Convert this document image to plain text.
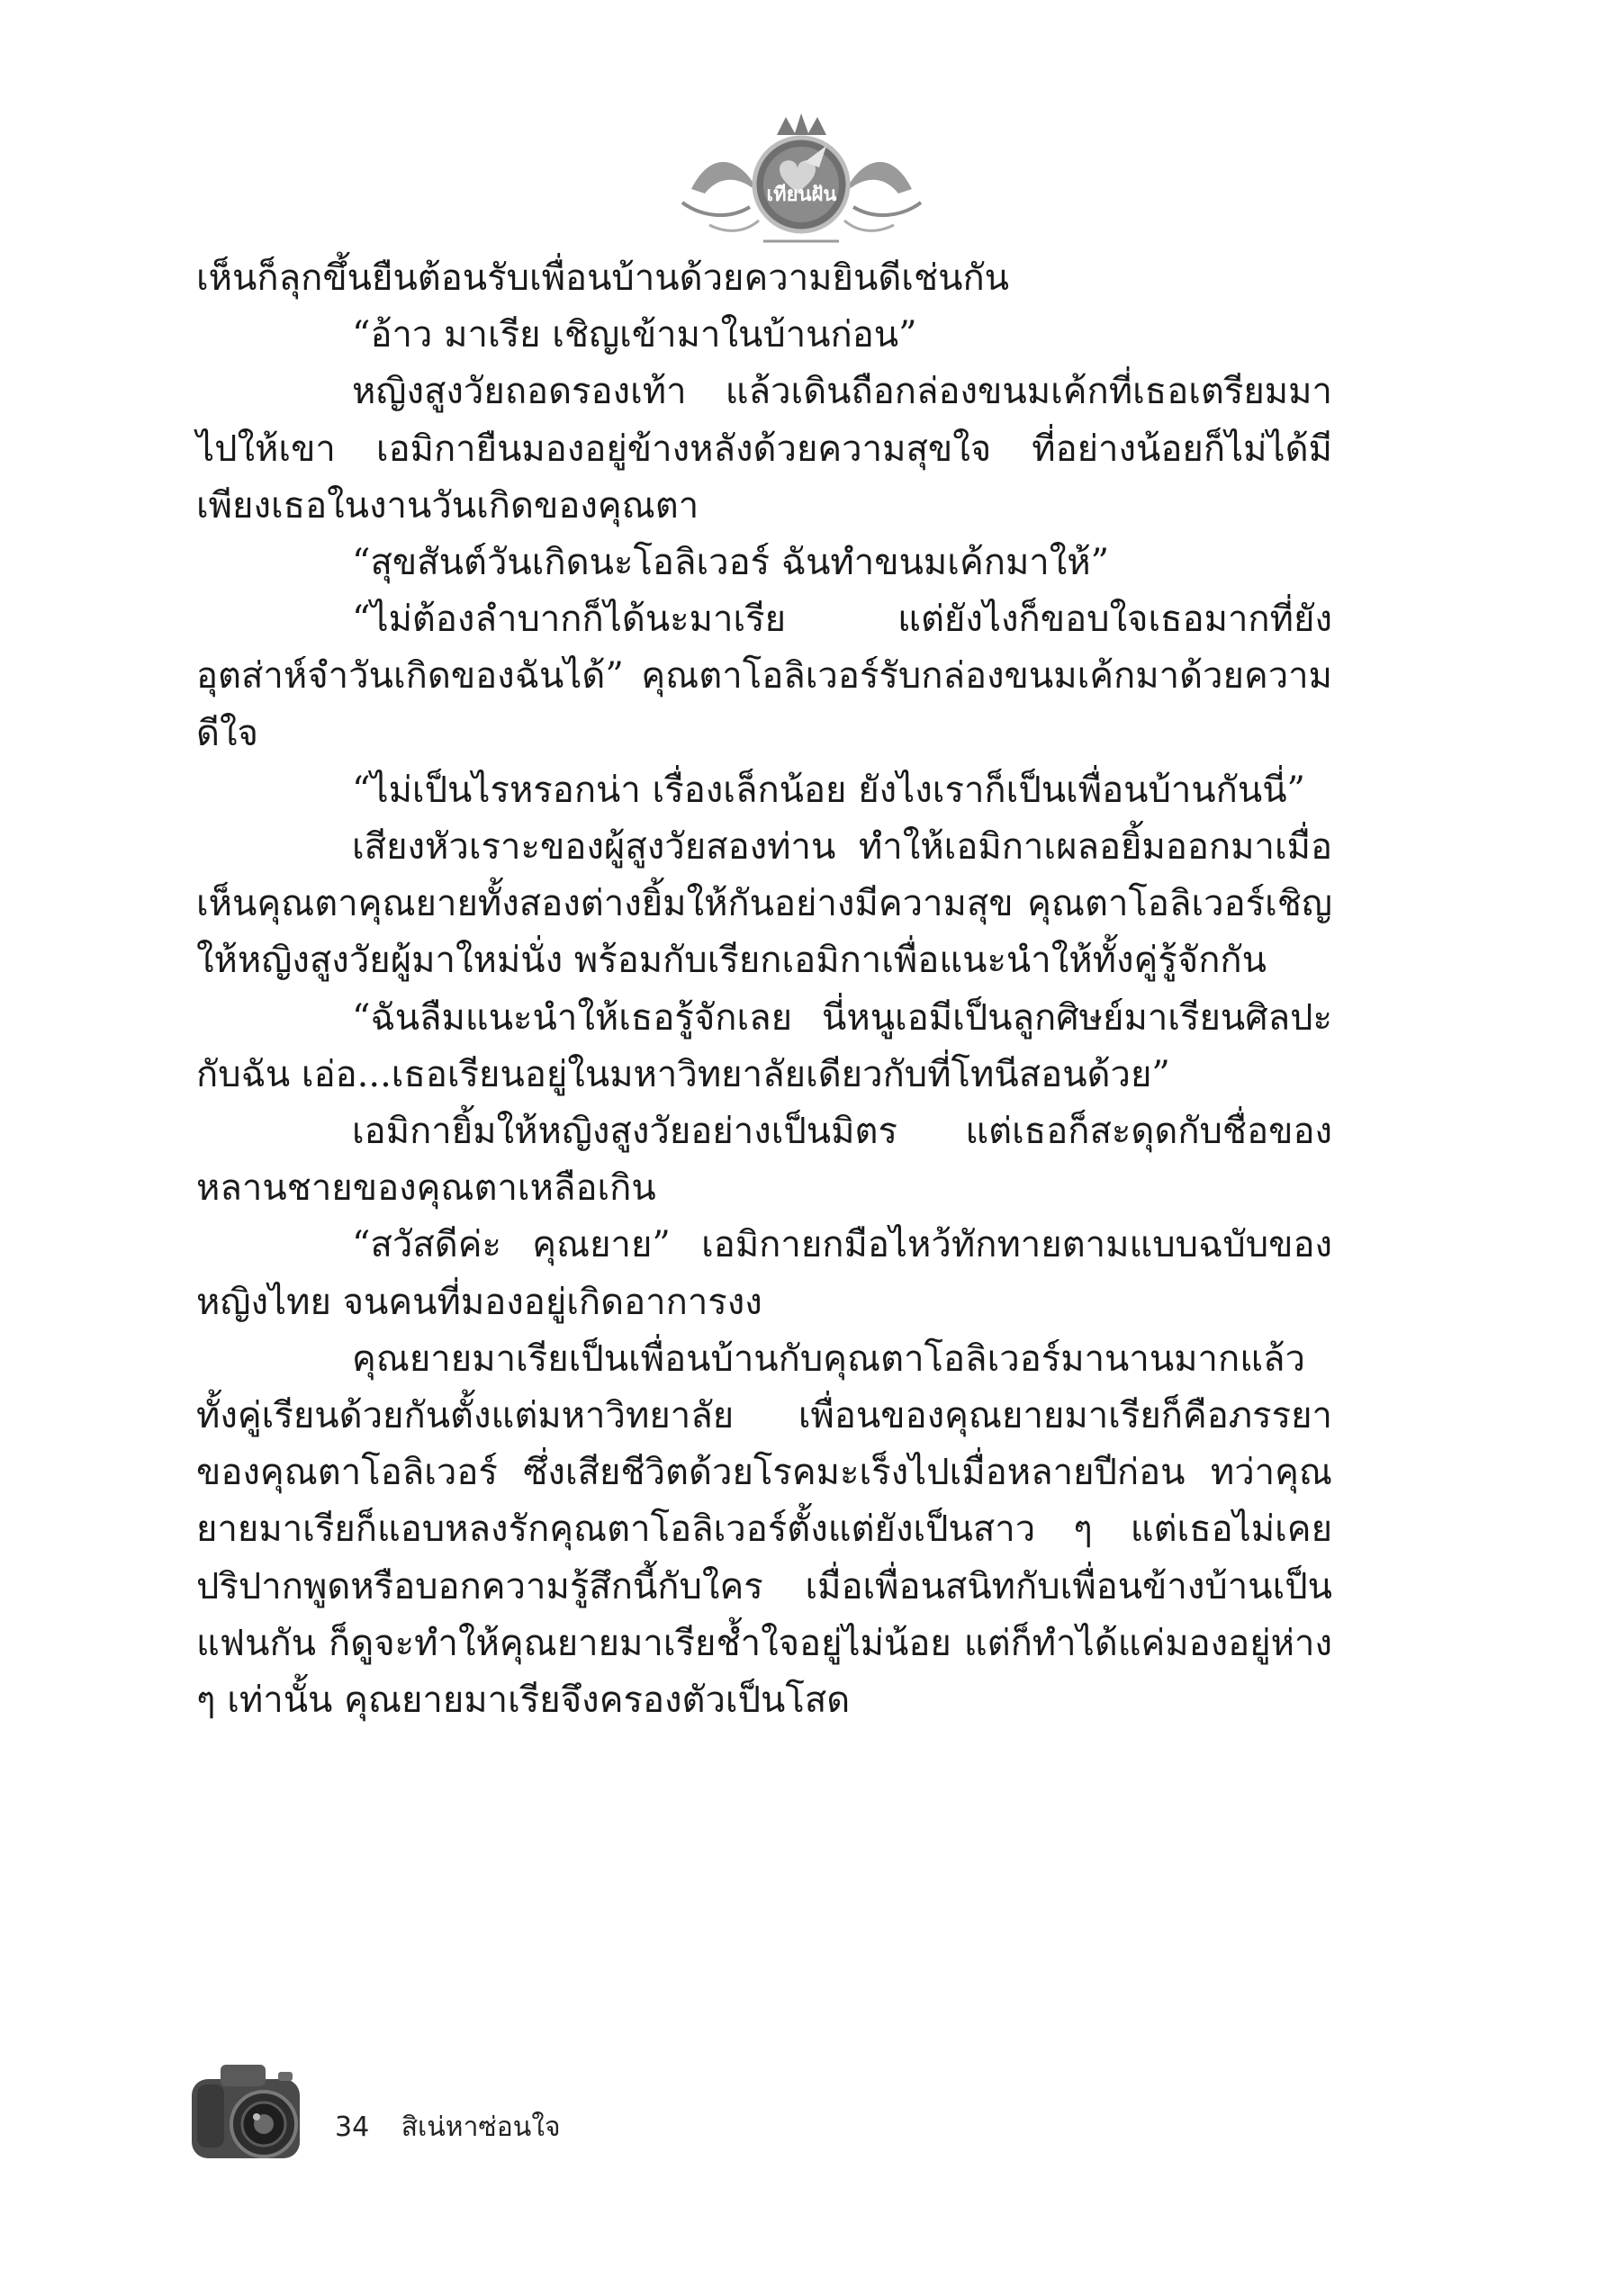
เทียนฝัน

เห็นก็ลุกขึ้นยืนต้อนรับเพื่อนบ้านด้วยความยินดีเช่นกัน

“อ้าว มาเรีย เชิญเข้ามาในบ้านก่อน”

หญิงสูงวัยถอดรองเท้า แล้วเดินถือกล่องขนมเค้กที่เธอเตรียมมาไปให้เขา เอมิกายืนมองอยู่ข้างหลังด้วยความสุขใจ ที่อย่างน้อยก็ไม่ได้มีเพียงเธอในงานวันเกิดของคุณตา

“สุขสันต์วันเกิดนะโอลิเวอร์ ฉันทำขนมเค้กมาให้”

“ไม่ต้องลำบากก็ได้นะมาเรีย แต่ยังไงก็ขอบใจเธอมากที่ยังอุตส่าห์จำวันเกิดของฉันได้” คุณตาโอลิเวอร์รับกล่องขนมเค้กมาด้วยความดีใจ

“ไม่เป็นไรหรอกน่า เรื่องเล็กน้อย ยังไงเราก็เป็นเพื่อนบ้านกันนี่”

เสียงหัวเราะของผู้สูงวัยสองท่าน ทำให้เอมิกาเผลอยิ้มออกมาเมื่อเห็นคุณตาคุณยายทั้งสองต่างยิ้มให้กันอย่างมีความสุข คุณตาโอลิเวอร์เชิญให้หญิงสูงวัยผู้มาใหม่นั่ง พร้อมกับเรียกเอมิกาเพื่อแนะนำให้ทั้งคู่รู้จักกัน

“ฉันลืมแนะนำให้เธอรู้จักเลย นี่หนูเอมีเป็นลูกศิษย์มาเรียนศิลปะกับฉัน เอ่อ...เธอเรียนอยู่ในมหาวิทยาลัยเดียวกับที่โทนีสอนด้วย”

เอมิกายิ้มให้หญิงสูงวัยอย่างเป็นมิตร แต่เธอก็สะดุดกับชื่อของหลานชายของคุณตาเหลือเกิน

“สวัสดีค่ะ คุณยาย” เอมิกายกมือไหว้ทักทายตามแบบฉบับของหญิงไทย จนคนที่มองอยู่เกิดอาการงง

คุณยายมาเรียเป็นเพื่อนบ้านกับคุณตาโอลิเวอร์มานานมากแล้ว ทั้งคู่เรียนด้วยกันตั้งแต่มหาวิทยาลัย เพื่อนของคุณยายมาเรียก็คือภรรยาของคุณตาโอลิเวอร์ ซึ่งเสียชีวิตด้วยโรคมะเร็งไปเมื่อหลายปีก่อน ทว่าคุณยายมาเรียก็แอบหลงรักคุณตาโอลิเวอร์ตั้งแต่ยังเป็นสาว ๆ แต่เธอไม่เคยปริปากพูดหรือบอกความรู้สึกนี้กับใคร เมื่อเพื่อนสนิทกับเพื่อนข้างบ้านเป็นแฟนกัน ก็ดูจะทำให้คุณยายมาเรียช้ำใจอยู่ไม่น้อย แต่ก็ทำได้แค่มองอยู่ห่าง ๆ เท่านั้น คุณยายมาเรียจึงครองตัวเป็นโสด

34 สิเน่หาซ่อนใจ
